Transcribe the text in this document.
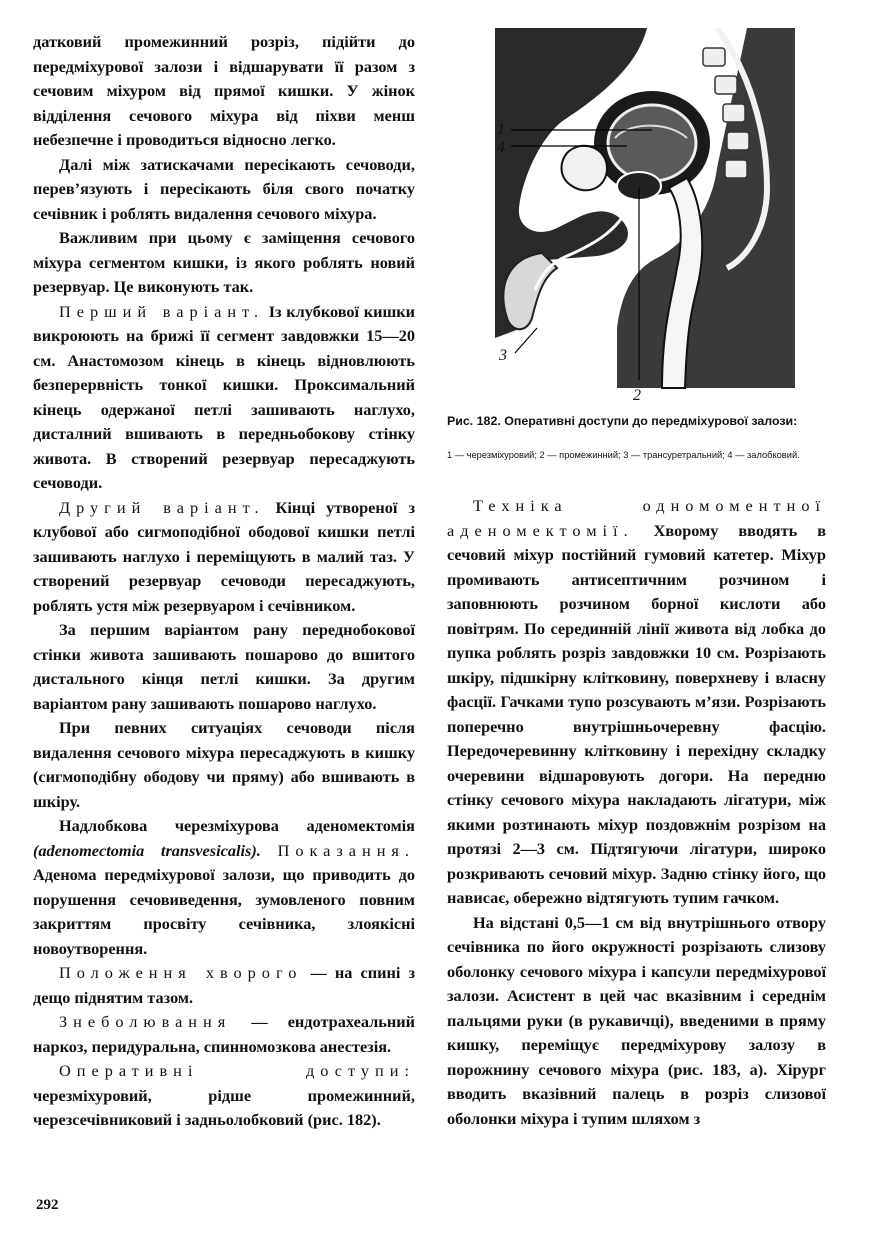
датковий промежинний розріз, підійти до передміхурової залози і відшарувати її разом з сечовим міхуром від прямої кишки. У жінок відділення сечового міхура від піхви менш небезпечне і проводиться відносно легко.

Далі між затискачами пересікають сечоводи, перев’язують і пересікають біля свого початку сечівник і роблять видалення сечового міхура.

Важливим при цьому є заміщення сечового міхура сегментом кишки, із якого роблять новий резервуар. Це виконують так.

Перший варіант. Із клубкової кишки викроюють на брижі її сегмент завдовжки 15—20 см. Анастомозом кінець в кінець відновлюють безперервність тонкої кишки. Проксимальний кінець одержаної петлі зашивають наглухо, дисталний вшивають в передньобокову стінку живота. В створений резервуар пересаджують сечоводи.

Другий варіант. Кінці утвореної з клубової або сигмоподібної ободової кишки петлі зашивають наглухо і переміщують в малий таз. У створений резервуар сечоводи пересаджують, роблять устя між резервуаром і сечівником.

За першим варіантом рану переднобокової стінки живота зашивають пошарово до вшитого дистального кінця петлі кишки. За другим варіантом рану зашивають пошарово наглухо.

При певних ситуаціях сечоводи після видалення сечового міхура пересаджують в кишку (сигмоподібну ободову чи пряму) або вшивають в шкіру.

Надлобкова черезміхурова аденомектомія (adenomectomia transvesicalis). Показання. Аденома передміхурової залози, що приводить до порушення сечовиведення, зумовленого повним закриттям просвіту сечівника, злоякісні новоутворення.

Положення хворого — на спині з дещо піднятим тазом.

Знеболювання — ендотрахеальний наркоз, перидуральна, спинномозкова анестезія.

Оперативні доступи: черезміхуровий, рідше промежинний, черезсечівниковий і задньолобковий (рис. 182).

1
4
3
2
Рис. 182. Оперативні доступи до передміхурової залози:
1 — черезміхуровий; 2 — промежинний; 3 — трансуретральний; 4 — залобковий.

Техніка одномоментної аденомектомії. Хворому вводять в сечовий міхур постійний гумовий катетер. Міхур промивають антисептичним розчином і заповнюють розчином борної кислоти або повітрям. По серединній лінії живота від лобка до пупка роблять розріз завдовжки 10 см. Розрізають шкіру, підшкірну клітковину, поверхневу і власну фасції. Гачками тупо розсувають м’язи. Розрізають поперечно внутрішньочеревну фасцію. Передочеревинну клітковину і перехідну складку очеревини відшаровують догори. На передню стінку сечового міхура накладають лігатури, між якими розтинають міхур поздовжнім розрізом на протязі 2—3 см. Підтягуючи лігатури, широко розкривають сечовий міхур. Задню стінку його, що нависає, обережно відтягують тупим гачком.

На відстані 0,5—1 см від внутрішнього отвору сечівника по його окружності розрізають слизову оболонку сечового міхура і капсули передміхурової залози. Асистент в цей час вказівним і середнім пальцями руки (в рукавичці), введеними в пряму кишку, переміщує передміхурову залозу в порожнину сечового міхура (рис. 183, а). Хірург вводить вказівний палець в розріз слизової оболонки міхура і тупим шляхом з

292
